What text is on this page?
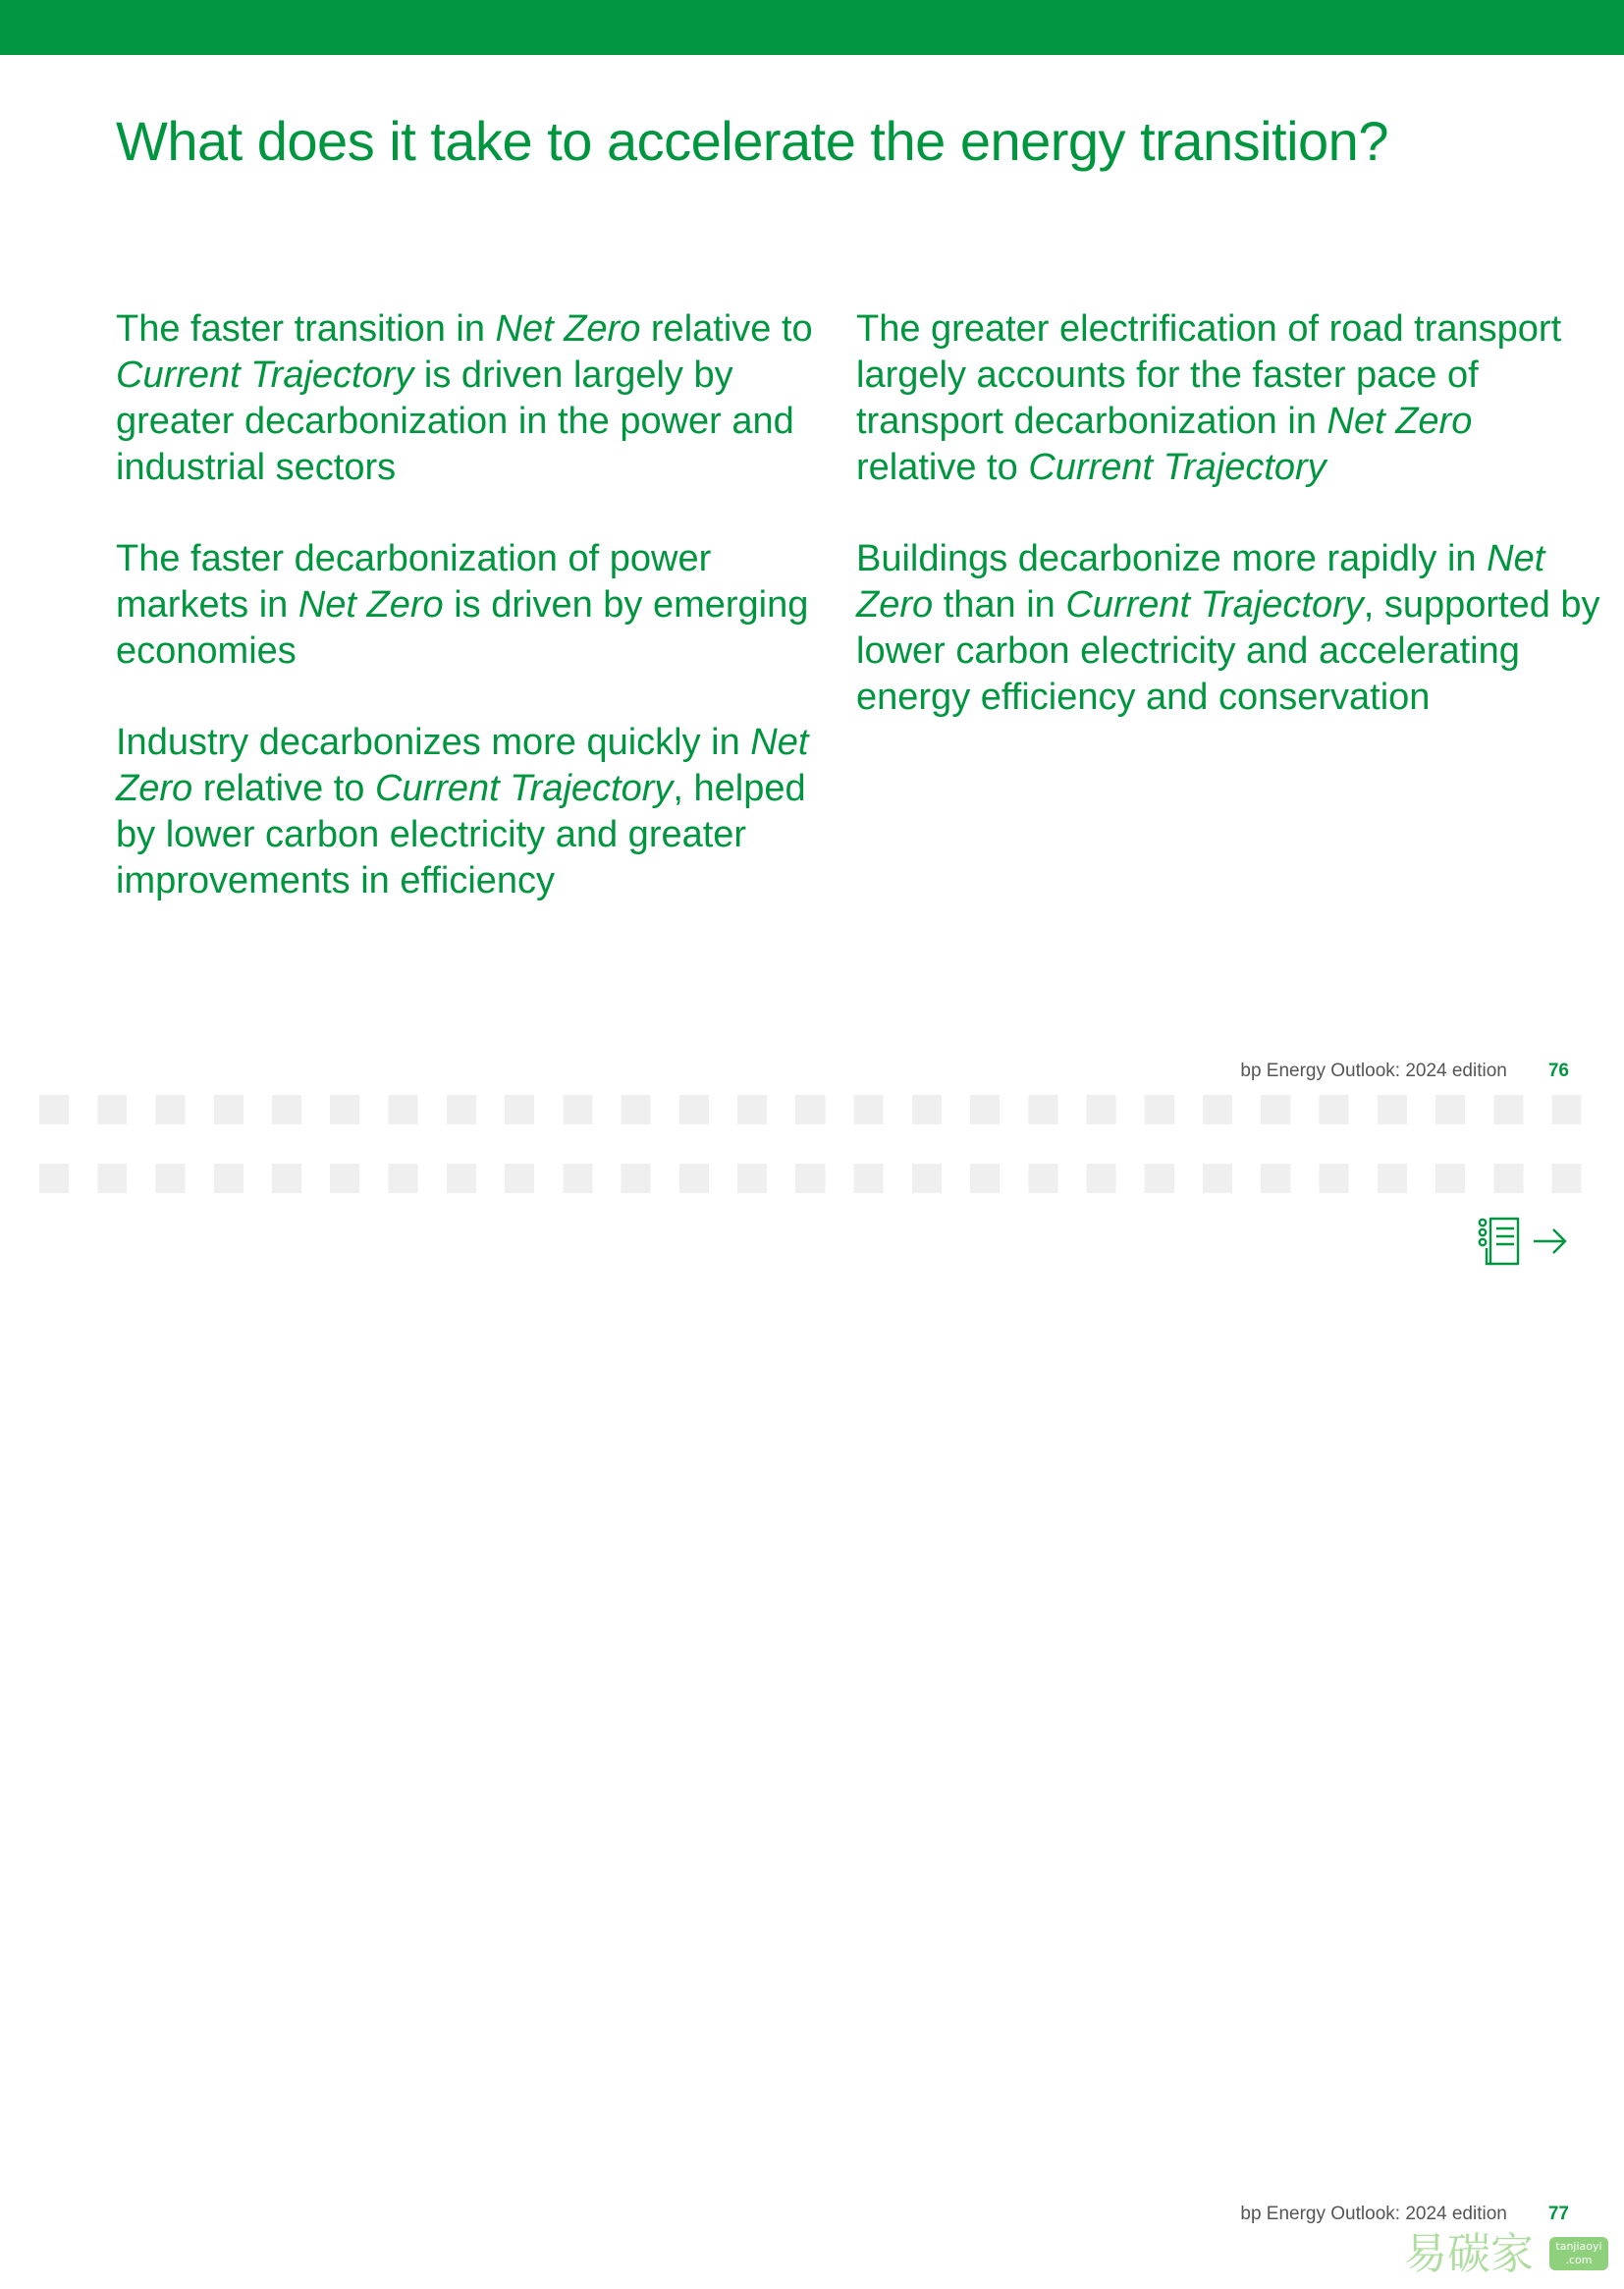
What does it take to accelerate the energy transition?

The faster transition in Net Zero relative to Current Trajectory is driven largely by greater decarbonization in the power and industrial sectors

The faster decarbonization of power markets in Net Zero is driven by emerging economies

Industry decarbonizes more quickly in Net Zero relative to Current Trajectory, helped by lower carbon electricity and greater improvements in efficiency

The greater electrification of road transport largely accounts for the faster pace of transport decarbonization in Net Zero relative to Current Trajectory

Buildings decarbonize more rapidly in Net Zero than in Current Trajectory, supported by lower carbon electricity and accelerating energy efficiency and conservation

bp Energy Outlook: 2024 edition 76
bp Energy Outlook: 2024 edition 77
易碳家	tanjiaoyi
.com
